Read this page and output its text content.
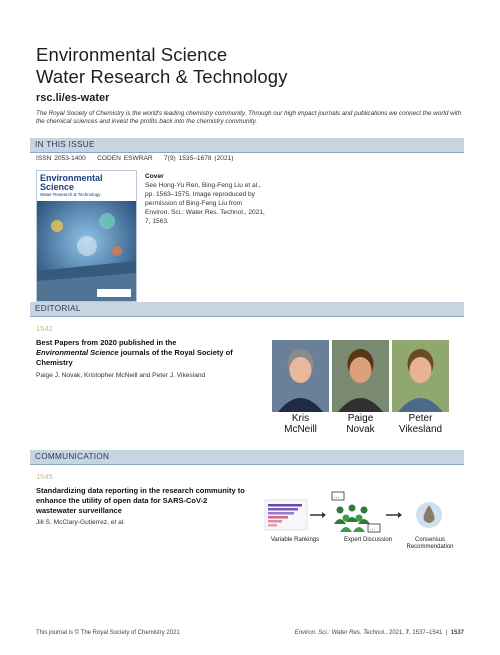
Environmental Science
Water Research & Technology
rsc.li/es-water
The Royal Society of Chemistry is the world's leading chemistry community. Through our high impact journals and publications we connect the world with the chemical sciences and invest the profits back into the chemistry community.
IN THIS ISSUE
ISSN 2053-1400 CODEN ESWRAR 7(9) 1535–1678 (2021)
Environmental
Science
Water Research & Technology
Cover
See Hong-Yu Ren, Bing-Feng Liu et al., pp. 1563–1575. Image reproduced by permission of Bing-Feng Liu from Environ. Sci.: Water Res. Technol., 2021, 7, 1563.
EDITORIAL
1542
Best Papers from 2020 published in the
Environmental Science journals of the Royal Society of Chemistry
Paige J. Novak, Kristopher McNeill and Peter J. Vikesland
Kris
McNeill
Paige
Novak
Peter
Vikesland
COMMUNICATION
1545
Standardizing data reporting in the research community to enhance the utility of open data for SARS-CoV-2 wastewater surveillance
Jill S. McClary-Gutierrez, et al.
...
...
Variable Rankings	Expert Discussion	Consensus Recommendation
This journal is © The Royal Society of Chemistry 2021	Environ. Sci.: Water Res. Technol., 2021, 7, 1537–1541 | 1537
